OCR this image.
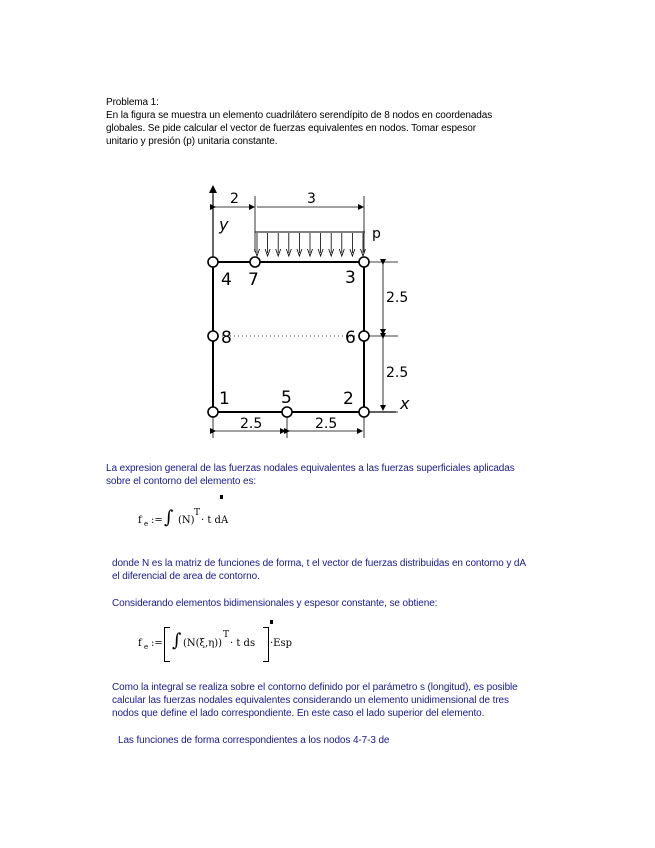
Problema 1:
En la figura se muestra un elemento cuadrilátero serendípito de 8 nodos en coordenadas
globales. Se pide calcular el vector de fuerzas equivalentes en nodos. Tomar espesor
unitario y presión (p) unitaria constante.
y
x
2	3
p
2.5
2.5
2.5	2.5
1	2
3
4
5
6
7
8
La expresion general de las fuerzas nodales equivalentes a las fuerzas superficiales aplicadas
sobre el contorno del elemento es:
f e := ∫ (N)
T
· t dA
donde N es la matriz de funciones de forma, t el vector de fuerzas distribuidas en contorno y dA
el diferencial de area de contorno.
Considerando elementos bidimensionales y espesor constante, se obtiene:
f e := ∫ (N(ξ,η))
T
· t ds ·Esp
Como la integral se realiza sobre el contorno definido por el parámetro s (longitud), es posible
calcular las fuerzas nodales equivalentes considerando un elemento unidimensional de tres
nodos que define el lado correspondiente. En este caso el lado superior del elemento.
Las funciones de forma correspondientes a los nodos 4-7-3 de
